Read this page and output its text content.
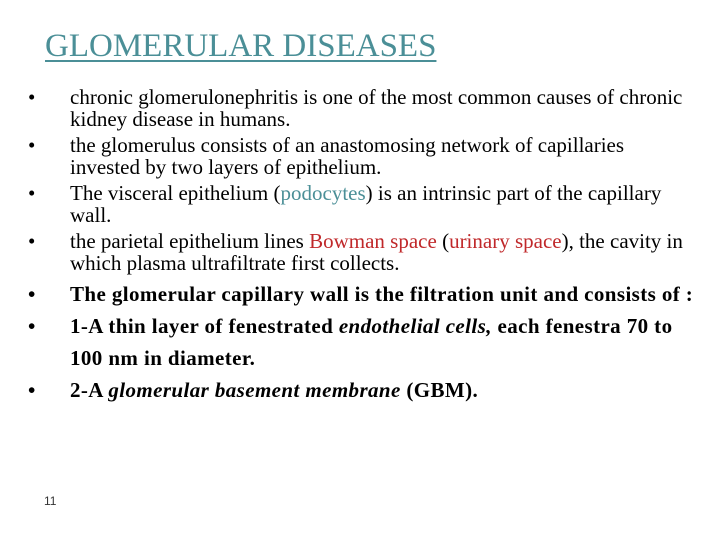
GLOMERULAR DISEASES
•	chronic glomerulonephritis is one of the most common causes of chronic kidney disease in humans.
•	the glomerulus consists of an anastomosing network of capillaries invested by two layers of epithelium.
•	The visceral epithelium (podocytes) is an intrinsic part of the capillary wall.
•	the parietal epithelium lines Bowman space (urinary space), the cavity in which plasma ultrafiltrate first collects.
•	The glomerular capillary wall is the filtration unit and consists of :
•	1-A thin layer of fenestrated endothelial cells, each fenestra 70 to 100 nm in diameter.
•	2-A glomerular basement membrane (GBM).
11
